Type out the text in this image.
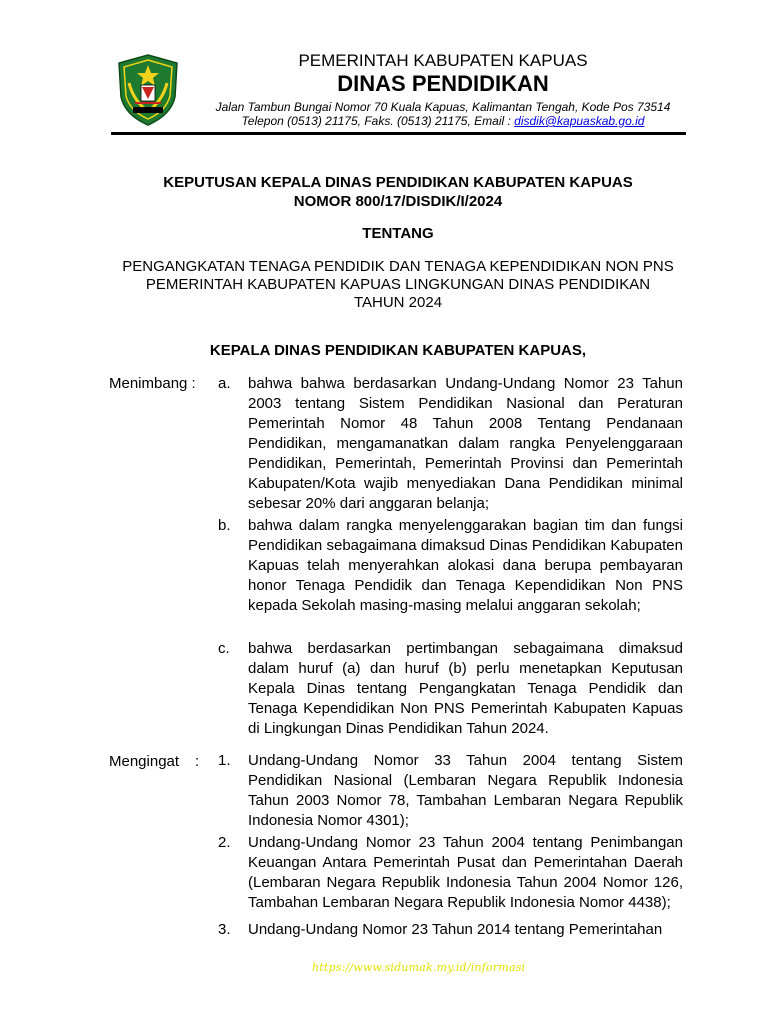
PEMERINTAH KABUPATEN KAPUAS
DINAS PENDIDIKAN
Jalan Tambun Bungai Nomor 70 Kuala Kapuas, Kalimantan Tengah, Kode Pos 73514
Telepon (0513) 21175, Faks. (0513) 21175, Email : disdik@kapuaskab.go.id
KEPUTUSAN KEPALA DINAS PENDIDIKAN KABUPATEN KAPUAS
NOMOR 800/17/DISDIK/I/2024
TENTANG
PENGANGKATAN TENAGA PENDIDIK DAN TENAGA KEPENDIDIKAN NON PNS
PEMERINTAH KABUPATEN KAPUAS LINGKUNGAN DINAS PENDIDIKAN
TAHUN 2024
KEPALA DINAS PENDIDIKAN KABUPATEN KAPUAS,
Menimbang : a.	bahwa bahwa berdasarkan Undang-Undang Nomor 23 Tahun 2003 tentang Sistem Pendidikan Nasional dan Peraturan Pemerintah Nomor 48 Tahun 2008 Tentang Pendanaan Pendidikan, mengamanatkan dalam rangka Penyelenggaraan Pendidikan, Pemerintah, Pemerintah Provinsi dan Pemerintah Kabupaten/Kota wajib menyediakan Dana Pendidikan minimal sebesar 20% dari anggaran belanja;
b.	bahwa dalam rangka menyelenggarakan bagian tim dan fungsi Pendidikan sebagaimana dimaksud Dinas Pendidikan Kabupaten Kapuas telah menyerahkan alokasi dana berupa pembayaran honor Tenaga Pendidik dan Tenaga Kependidikan Non PNS kepada Sekolah masing-masing melalui anggaran sekolah;
c.	bahwa berdasarkan pertimbangan sebagaimana dimaksud dalam huruf (a) dan huruf (b) perlu menetapkan Keputusan Kepala Dinas tentang Pengangkatan Tenaga Pendidik dan Tenaga Kependidikan Non PNS Pemerintah Kabupaten Kapuas di Lingkungan Dinas Pendidikan Tahun 2024.
Mengingat : 1.	Undang-Undang Nomor 33 Tahun 2004 tentang Sistem Pendidikan Nasional (Lembaran Negara Republik Indonesia Tahun 2003 Nomor 78, Tambahan Lembaran Negara Republik Indonesia Nomor 4301);
2.	Undang-Undang Nomor 23 Tahun 2004 tentang Penimbangan Keuangan Antara Pemerintah Pusat dan Pemerintahan Daerah (Lembaran Negara Republik Indonesia Tahun 2004 Nomor 126, Tambahan Lembaran Negara Republik Indonesia Nomor 4438);
3.	Undang-Undang Nomor 23 Tahun 2014 tentang Pemerintahan
https://www.sidumak.my.id/informasi
